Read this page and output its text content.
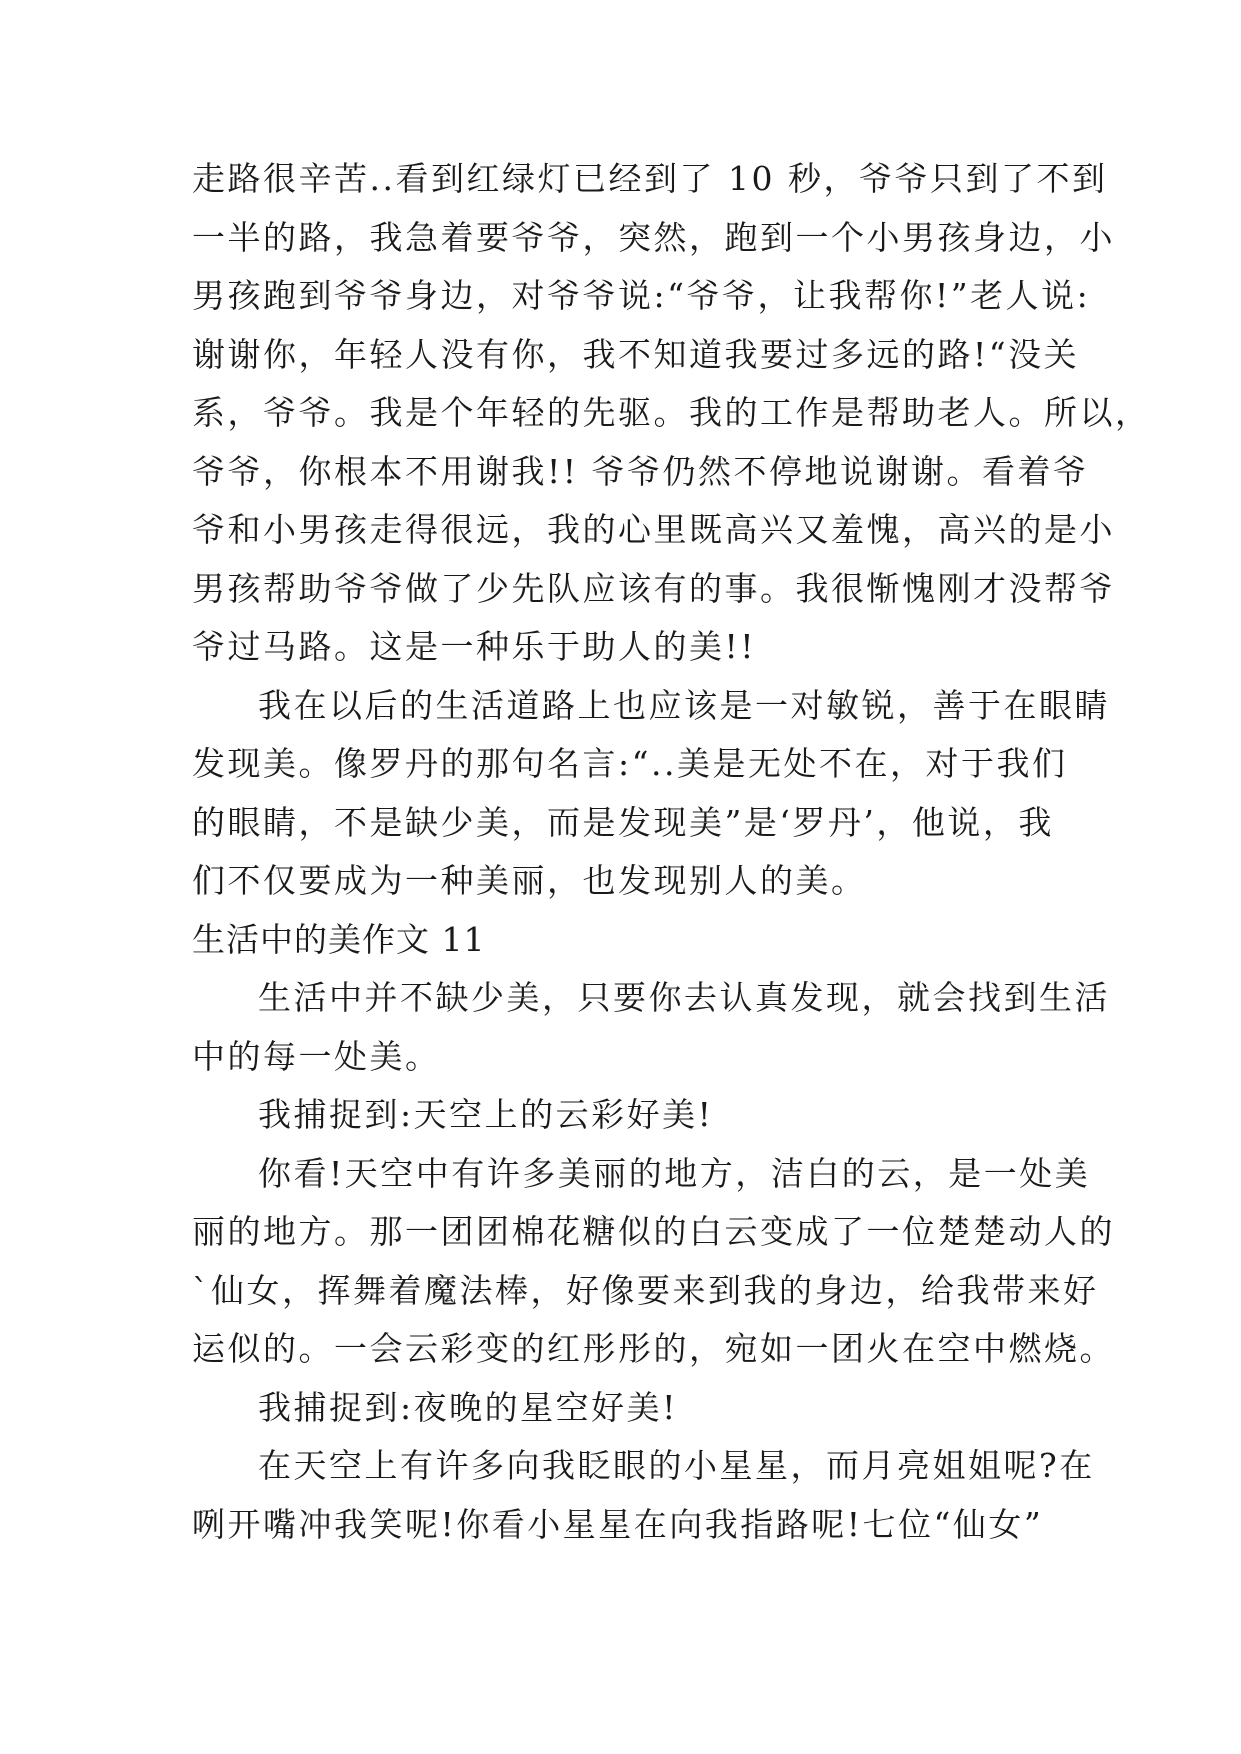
走路很辛苦..看到红绿灯已经到了 10 秒，爷爷只到了不到
一半的路，我急着要爷爷，突然，跑到一个小男孩身边，小
男孩跑到爷爷身边，对爷爷说:“爷爷，让我帮你!”老人说:
谢谢你，年轻人没有你，我不知道我要过多远的路!“没关
系，爷爷。我是个年轻的先驱。我的工作是帮助老人。所以，
爷爷，你根本不用谢我!! 爷爷仍然不停地说谢谢。看着爷
爷和小男孩走得很远，我的心里既高兴又羞愧，高兴的是小
男孩帮助爷爷做了少先队应该有的事。我很惭愧刚才没帮爷
爷过马路。这是一种乐于助人的美!!
我在以后的生活道路上也应该是一对敏锐，善于在眼睛
发现美。像罗丹的那句名言:“..美是无处不在，对于我们
的眼睛，不是缺少美，而是发现美”是‘罗丹’，他说，我
们不仅要成为一种美丽，也发现别人的美。
生活中的美作文 11
生活中并不缺少美，只要你去认真发现，就会找到生活
中的每一处美。
我捕捉到:天空上的云彩好美!
你看!天空中有许多美丽的地方，洁白的云，是一处美
丽的地方。那一团团棉花糖似的白云变成了一位楚楚动人的
`仙女，挥舞着魔法棒，好像要来到我的身边，给我带来好
运似的。一会云彩变的红彤彤的，宛如一团火在空中燃烧。
我捕捉到:夜晚的星空好美!
在天空上有许多向我眨眼的小星星，而月亮姐姐呢?在
咧开嘴冲我笑呢!你看小星星在向我指路呢!七位“仙女”
